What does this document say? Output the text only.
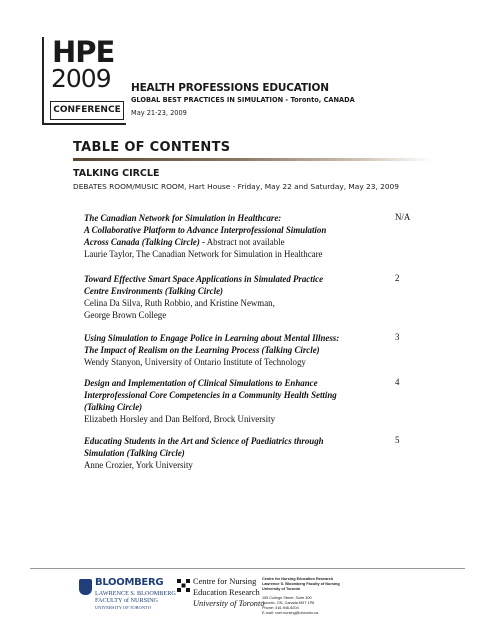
HPE
2009
CONFERENCE
HEALTH PROFESSIONS EDUCATION
GLOBAL BEST PRACTICES IN SIMULATION - Toronto, CANADA
May 21-23, 2009
TABLE OF CONTENTS
TALKING CIRCLE
DEBATES ROOM/MUSIC ROOM, Hart House - Friday, May 22 and Saturday, May 23, 2009
The Canadian Network for Simulation in Healthcare:
A Collaborative Platform to Advance Interprofessional Simulation
Across Canada (Talking Circle) - Abstract not available
Laurie Taylor, The Canadian Network for Simulation in Healthcare
N/A
Toward Effective Smart Space Applications in Simulated Practice
Centre Environments (Talking Circle)
Celina Da Silva, Ruth Robbio, and Kristine Newman,
George Brown College
2
Using Simulation to Engage Police in Learning about Mental Illness:
The Impact of Realism on the Learning Process (Talking Circle)
Wendy Stanyon, University of Ontario Institute of Technology
3
Design and Implementation of Clinical Simulations to Enhance
Interprofessional Core Competencies in a Community Health Setting
(Talking Circle)
Elizabeth Horsley and Dan Belford, Brock University
4
Educating Students in the Art and Science of Paediatrics through
Simulation (Talking Circle)
Anne Crozier, York University
5
BLOOMBERG
LAWRENCE S. BLOOMBERG
FACULTY of NURSING
UNIVERSITY OF TORONTO
Centre for Nursing
Education Research
University of Toronto
Centre for Nursing Education Research
Lawrence S. Bloomberg Faculty of Nursing
University of Toronto
155 College Street, Suite 300
Toronto, ON, Canada M5T 1P8
Phone: 416-946-8204
E-mail: cner.nursing@utoronto.ca
